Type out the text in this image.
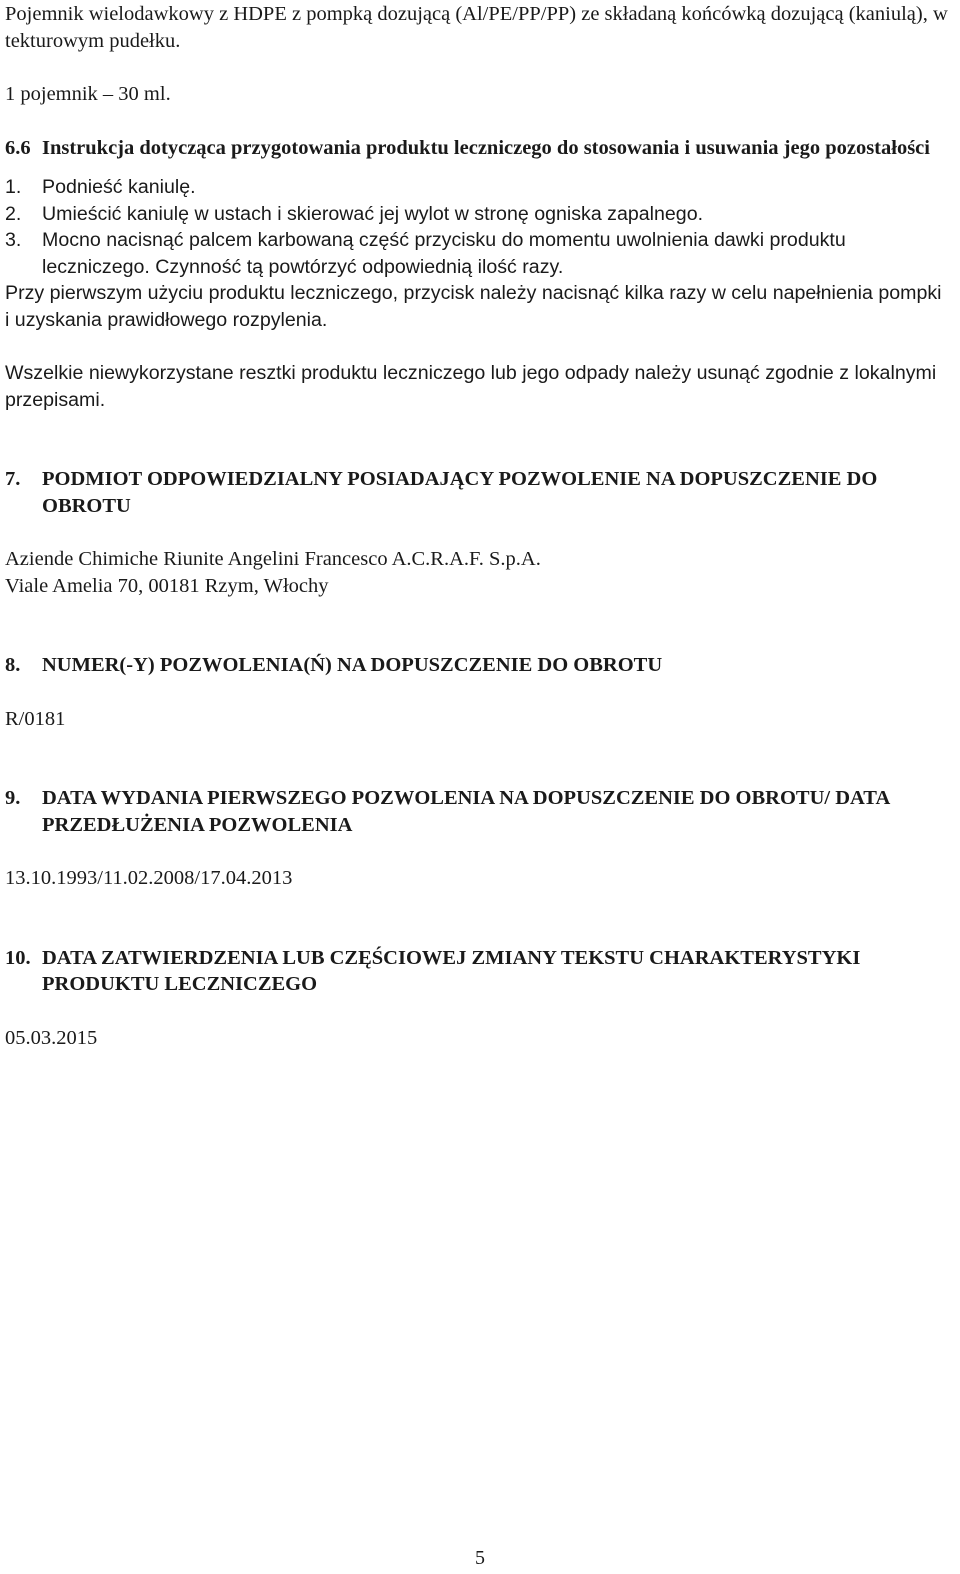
Pojemnik wielodawkowy z HDPE z pompką dozującą (Al/PE/PP/PP) ze składaną końcówką dozującą (kaniulą), w tekturowym pudełku.

1 pojemnik – 30 ml.

6.6 Instrukcja dotycząca przygotowania produktu leczniczego do stosowania i usuwania jego pozostałości
1.	Podnieść kaniulę.
2.	Umieścić kaniulę w ustach i skierować jej wylot w stronę ogniska zapalnego.
3.	Mocno nacisnąć palcem karbowaną część przycisku do momentu uwolnienia dawki produktu leczniczego. Czynność tą powtórzyć odpowiednią ilość razy.

Przy pierwszym użyciu produktu leczniczego, przycisk należy nacisnąć kilka razy w celu napełnienia pompki i uzyskania prawidłowego rozpylenia.

Wszelkie niewykorzystane resztki produktu leczniczego lub jego odpady należy usunąć zgodnie z lokalnymi przepisami.

7.	PODMIOT ODPOWIEDZIALNY POSIADAJĄCY POZWOLENIE NA DOPUSZCZENIE DO OBROTU

Aziende Chimiche Riunite Angelini Francesco A.C.R.A.F. S.p.A.

Viale Amelia 70, 00181 Rzym, Włochy

8.	NUMER(-Y) POZWOLENIA(Ń) NA DOPUSZCZENIE DO OBROTU

R/0181

9.	DATA WYDANIA PIERWSZEGO POZWOLENIA NA DOPUSZCZENIE DO OBROTU/ DATA PRZEDŁUŻENIA POZWOLENIA

13.10.1993/11.02.2008/17.04.2013

10. DATA ZATWIERDZENIA LUB CZĘŚCIOWEJ ZMIANY TEKSTU CHARAKTERYSTYKI PRODUKTU LECZNICZEGO

05.03.2015

5
